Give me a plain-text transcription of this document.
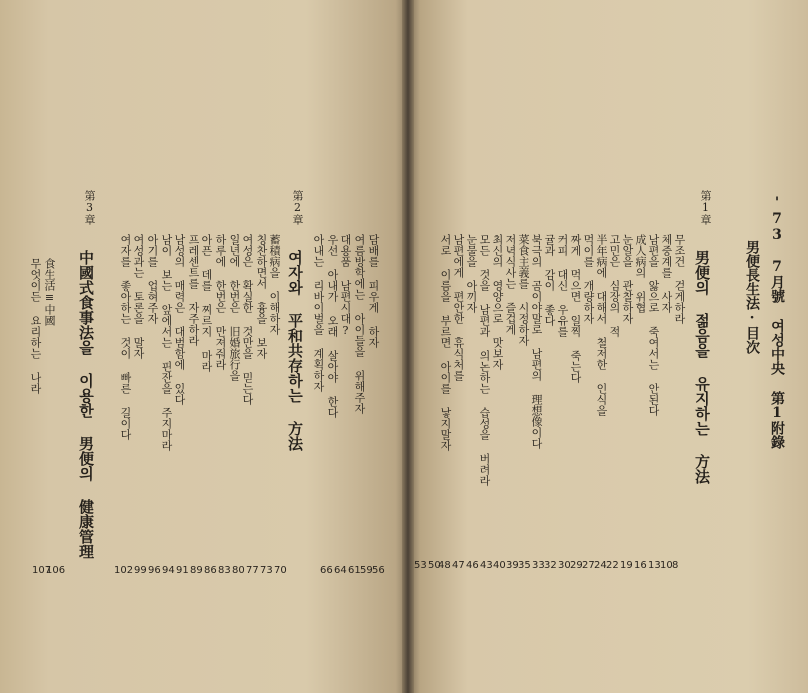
'73 7月號 여성中央 第1附錄
男便長生法·目次
第1章
男便의 젊음을 유지하는 方法
무조건 걷게하라
8
체중계를 사자
10
남편을 앓으로 죽여서는 안된다
13
成人病의 위협
16
눈알을 관찰하자
19
고민은 심장의 적
22
半年病에 대해서 철저한 인식을
24
먹이를 개량하자
27
짜게 먹으면 일찍 죽는다
29
커피 대신 우유를
30
귤과 감이 좋다
32
북극의 곰이야말로 남편의 理想像이다
33
菜食主義를 시정하자
35
저녁식사는 즐겁게
39
최신의 영양으로 맛보자
40
모든 것을 남편과 의논하는 습성을 버려라
43
눈물을 아끼자
46
남편에게 편안한 휴식처를
47
서로 이름을 부르면 아이를 낳지말자
48
50
53
第2章
여자와 平和共存하는 方法	담배를 피우게 하자
56
여름방학에는 아이들을 위해주자
59
대용품 남편시대?
61
우선 아내가 오래 살아야 한다
64
아내는 리바이벌을 계획하자
66
蓄積病을 이해하자
70
칭찬하면서 흉을 보자
73
여성은 확실한 것만을 믿는다
77
일년에 한번은 旧婚旅行을
80
하루에 한번은 만져줘라
83
아픈 데를 찌르지 마라
86
프레센트를 자주하라
89
남성의 매력은 대범함에 있다
91
남이 보는 앞에서는 핀잔을 주지마라
94
아기를 업혀주자
96
여성과는 토론을 말자
99
여자를 좋아하는 것이 빠른 길이다
102
第3章
中國式食事法을 이용한 男便의 健康管理
食生活≡中國
106
무엇이든 요리하는 나라
107
